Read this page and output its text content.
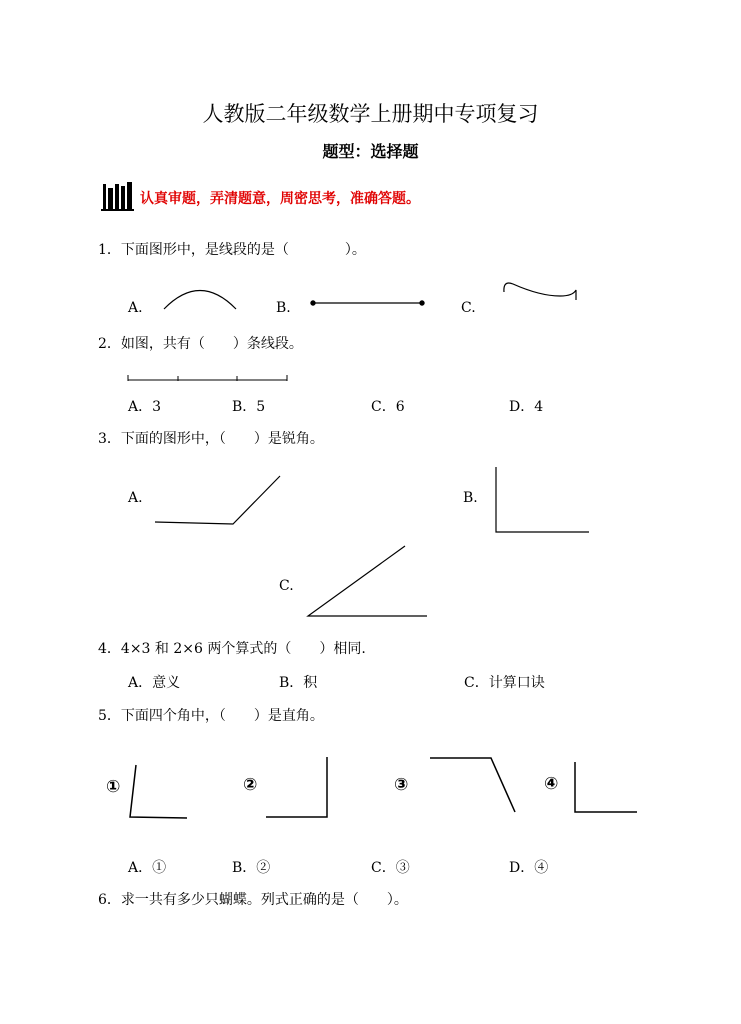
人教版二年级数学上册期中专项复习
题型：选择题
认真审题，弄清题意，周密思考，准确答题。
1．下面图形中，是线段的是（　　　　）。
A.	B.	C.
2．如图，共有（　　）条线段。
A．3	B．5	C．6	D．4
3．下面的图形中，（　　）是锐角。
A.	B.
C.
4．4×3 和 2×6 两个算式的（　　）相同.
A．意义	B．积	C．计算口诀
5．下面四个角中，（　　）是直角。
①	②	③	④
A．①	B．②	C．③	D．④
6．求一共有多少只蝴蝶。列式正确的是（　　）。
